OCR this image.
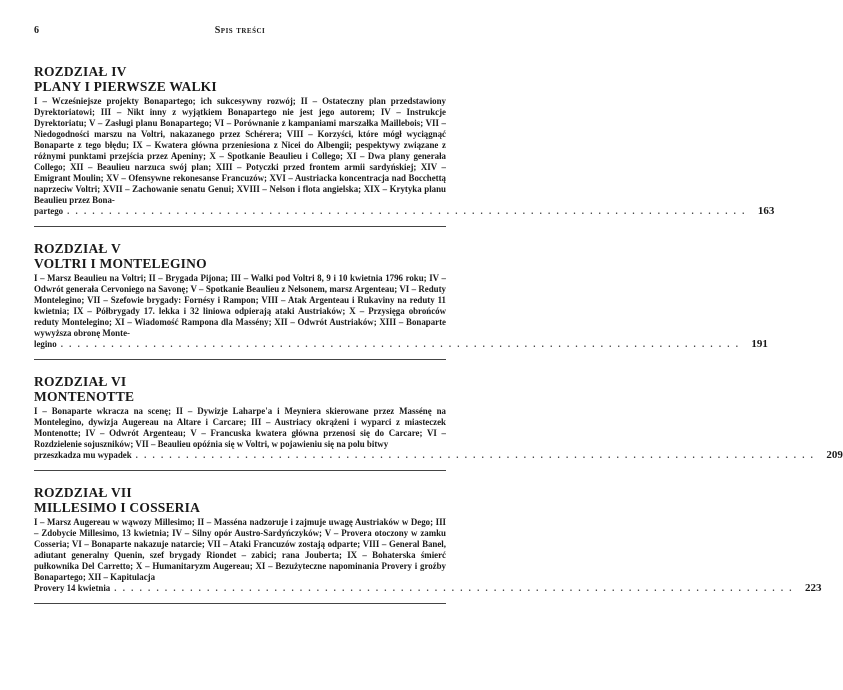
6	Spis treści
ROZDZIAŁ IV
PLANY I PIERWSZE WALKI
I – Wcześniejsze projekty Bonapartego; ich sukcesywny rozwój; II – Ostateczny plan przedstawiony Dyrektoriatowi; III – Nikt inny z wyjątkiem Bonapartego nie jest jego autorem; IV – Instrukcje Dyrektoriatu; V – Zasługi planu Bonapartego; VI – Porównanie z kampaniami marszałka Maillebois; VII – Niedogodności marszu na Voltri, nakazanego przez Schérera; VIII – Korzyści, które mógł wyciągnąć Bonaparte z tego błędu; IX – Kwatera główna przeniesiona z Nicei do Albengii; pespektywy związane z różnymi punktami przejścia przez Apeniny; X – Spotkanie Beaulieu i Collego; XI – Dwa plany generała Collego; XII – Beaulieu narzuca swój plan; XIII – Potyczki przed frontem armii sardyńskiej; XIV – Emigrant Moulin; XV – Ofensywne rekonesanse Francuzów; XVI – Austriacka koncentracja nad Bocchettą naprzeciw Voltri; XVII – Zachowanie senatu Genui; XVIII – Nelson i flota angielska; XIX – Krytyka planu Beaulieu przez Bona-
partego . . . . . . . . . . . . . . . . . . . . . . . . . . . . . . . . . . . . . . . . . . . . . . . . . . . . . . . . . . . . . . . . . . . . . . . . . . . . . . . . .	163
ROZDZIAŁ V
VOLTRI I MONTELEGINO
I – Marsz Beaulieu na Voltri; II – Brygada Pijona; III – Walki pod Voltri 8, 9 i 10 kwietnia 1796 roku; IV – Odwrót generała Cervoniego na Savonę; V – Spotkanie Beaulieu z Nelsonem, marsz Argenteau; VI – Reduty Montelegino; VII – Szefowie brygady: Fornésy i Rampon; VIII – Atak Argenteau i Rukaviny na reduty 11 kwietnia; IX – Półbrygady 17. lekka i 32 liniowa odpierają ataki Austriaków; X – Przysięga obrońców reduty Montelegino; XI – Wiadomość Rampona dla Massény; XII – Odwrót Austriaków; XIII – Bonaparte wywyższa obronę Monte-
legino . . . . . . . . . . . . . . . . . . . . . . . . . . . . . . . . . . . . . . . . . . . . . . . . . . . . . . . . . . . . . . . . . . . . . . . . . . . . . . . . .	191
ROZDZIAŁ VI
MONTENOTTE
I – Bonaparte wkracza na scenę; II – Dywizje Laharpe'a i Meyniera skierowane przez Massénę na Montelegino, dywizja Augereau na Altare i Carcare; III – Austriacy okrążeni i wyparci z miasteczek Montenotte; IV – Odwrót Argenteau; V – Francuska kwatera główna przenosi się do Carcare; VI – Rozdzielenie sojuszników; VII – Beaulieu opóźnia się w Voltri, w pojawieniu się na polu bitwy
przeszkadza mu wypadek . . . . . . . . . . . . . . . . . . . . . . . . . . . . . . . . . . . . . . . . . . . . . . . . . . . . . . . . . . . . . . . . . . . . . . . . . . . . . . . . .	209
ROZDZIAŁ VII
MILLESIMO I COSSERIA
I – Marsz Augereau w wąwozy Millesimo; II – Masséna nadzoruje i zajmuje uwagę Austriaków w Dego; III – Zdobycie Millesimo, 13 kwietnia; IV – Silny opór Austro-Sardyńczyków; V – Provera otoczony w zamku Cosseria; VI – Bonaparte nakazuje natarcie; VII – Ataki Francuzów zostają odparte; VIII – General Banel, adiutant generalny Quenin, szef brygady Riondet – zabici; rana Jouberta; IX – Bohaterska śmierć pułkownika Del Carretto; X – Humanitaryzm Augereau; XI – Bezużyteczne napominania Provery i groźby Bonapartego; XII – Kapitulacja
Provery 14 kwietnia . . . . . . . . . . . . . . . . . . . . . . . . . . . . . . . . . . . . . . . . . . . . . . . . . . . . . . . . . . . . . . . . . . . . . . . . . . . . . . . . .	223
